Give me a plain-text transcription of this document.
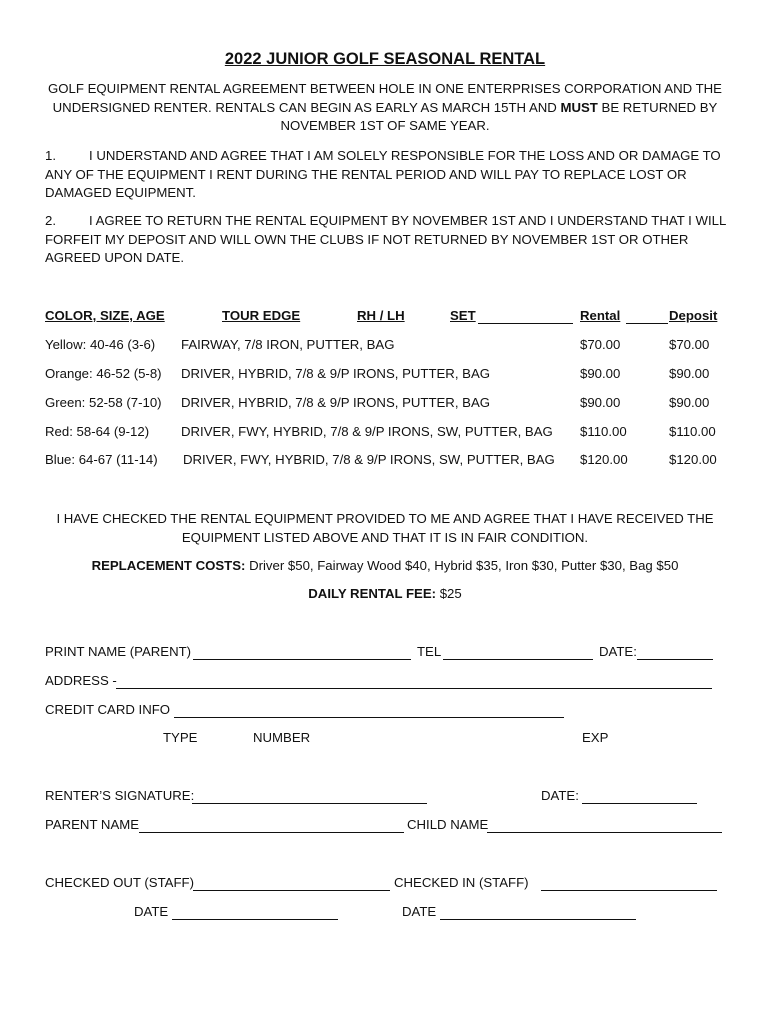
2022 JUNIOR GOLF SEASONAL RENTAL
GOLF EQUIPMENT RENTAL AGREEMENT BETWEEN HOLE IN ONE ENTERPRISES CORPORATION AND THE UNDERSIGNED RENTER. RENTALS CAN BEGIN AS EARLY AS MARCH 15TH AND MUST BE RETURNED BY NOVEMBER 1ST OF SAME YEAR.
1.	I UNDERSTAND AND AGREE THAT I AM SOLELY RESPONSIBLE FOR THE LOSS AND OR DAMAGE TO ANY OF THE EQUIPMENT I RENT DURING THE RENTAL PERIOD AND WILL PAY TO REPLACE LOST OR DAMAGED EQUIPMENT.
2.	I AGREE TO RETURN THE RENTAL EQUIPMENT BY NOVEMBER 1ST AND I UNDERSTAND THAT I WILL FORFEIT MY DEPOSIT AND WILL OWN THE CLUBS IF NOT RETURNED BY NOVEMBER 1ST OR OTHER AGREED UPON DATE.
COLOR, SIZE, AGE	TOUR EDGE	RH / LH	SET	Rental	Deposit
Yellow: 40-46 (3-6) FAIRWAY, 7/8 IRON, PUTTER, BAG	$70.00	$70.00
Orange: 46-52 (5-8) DRIVER, HYBRID, 7/8 & 9/P IRONS, PUTTER, BAG	$90.00	$90.00
Green: 52-58 (7-10) DRIVER, HYBRID, 7/8 & 9/P IRONS, PUTTER, BAG	$90.00	$90.00
Red: 58-64 (9-12) DRIVER, FWY, HYBRID, 7/8 & 9/P IRONS, SW, PUTTER, BAG $110.00	$110.00
Blue: 64-67 (11-14) DRIVER, FWY, HYBRID, 7/8 & 9/P IRONS, SW, PUTTER, BAG $120.00	$120.00
I HAVE CHECKED THE RENTAL EQUIPMENT PROVIDED TO ME AND AGREE THAT I HAVE RECEIVED THE EQUIPMENT LISTED ABOVE AND THAT IT IS IN FAIR CONDITION.
REPLACEMENT COSTS: Driver $50, Fairway Wood $40, Hybrid $35, Iron $30, Putter $30, Bag $50
DAILY RENTAL FEE: $25
PRINT NAME (PARENT)	TEL	DATE:
ADDRESS -
CREDIT CARD INFO
TYPE	NUMBER	EXP
RENTER’S SIGNATURE:	DATE:
PARENT NAME	CHILD NAME
CHECKED OUT (STAFF)	CHECKED IN (STAFF)
DATE	DATE
